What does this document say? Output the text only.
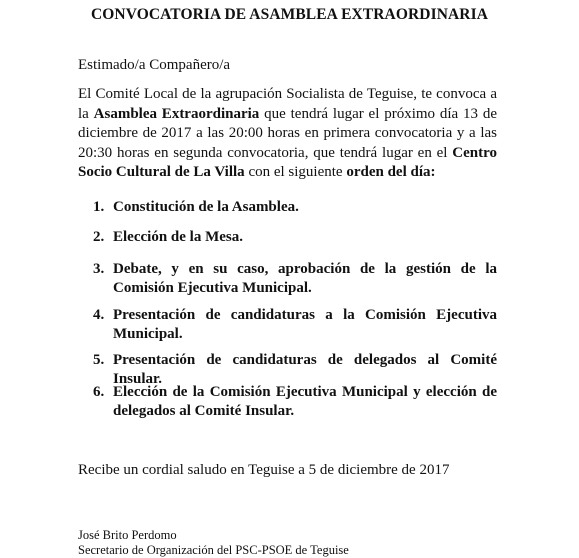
CONVOCATORIA DE ASAMBLEA EXTRAORDINARIA
Estimado/a Compañero/a
El Comité Local de la agrupación Socialista de Teguise, te convoca a la Asamblea Extraordinaria que tendrá lugar el próximo día 13 de diciembre de 2017 a las 20:00 horas en primera convocatoria y a las 20:30 horas en segunda convocatoria, que tendrá lugar en el Centro Socio Cultural de La Villa con el siguiente orden del día:
1. Constitución de la Asamblea.
2. Elección de la Mesa.
3. Debate, y en su caso, aprobación de la gestión de la Comisión Ejecutiva Municipal.
4. Presentación de candidaturas a la Comisión Ejecutiva Municipal.
5. Presentación de candidaturas de delegados al Comité Insular.
6. Elección de la Comisión Ejecutiva Municipal y elección de delegados al Comité Insular.
Recibe un cordial saludo en Teguise a 5 de diciembre de 2017
José Brito Perdomo
Secretario de Organización del PSC-PSOE de Teguise
